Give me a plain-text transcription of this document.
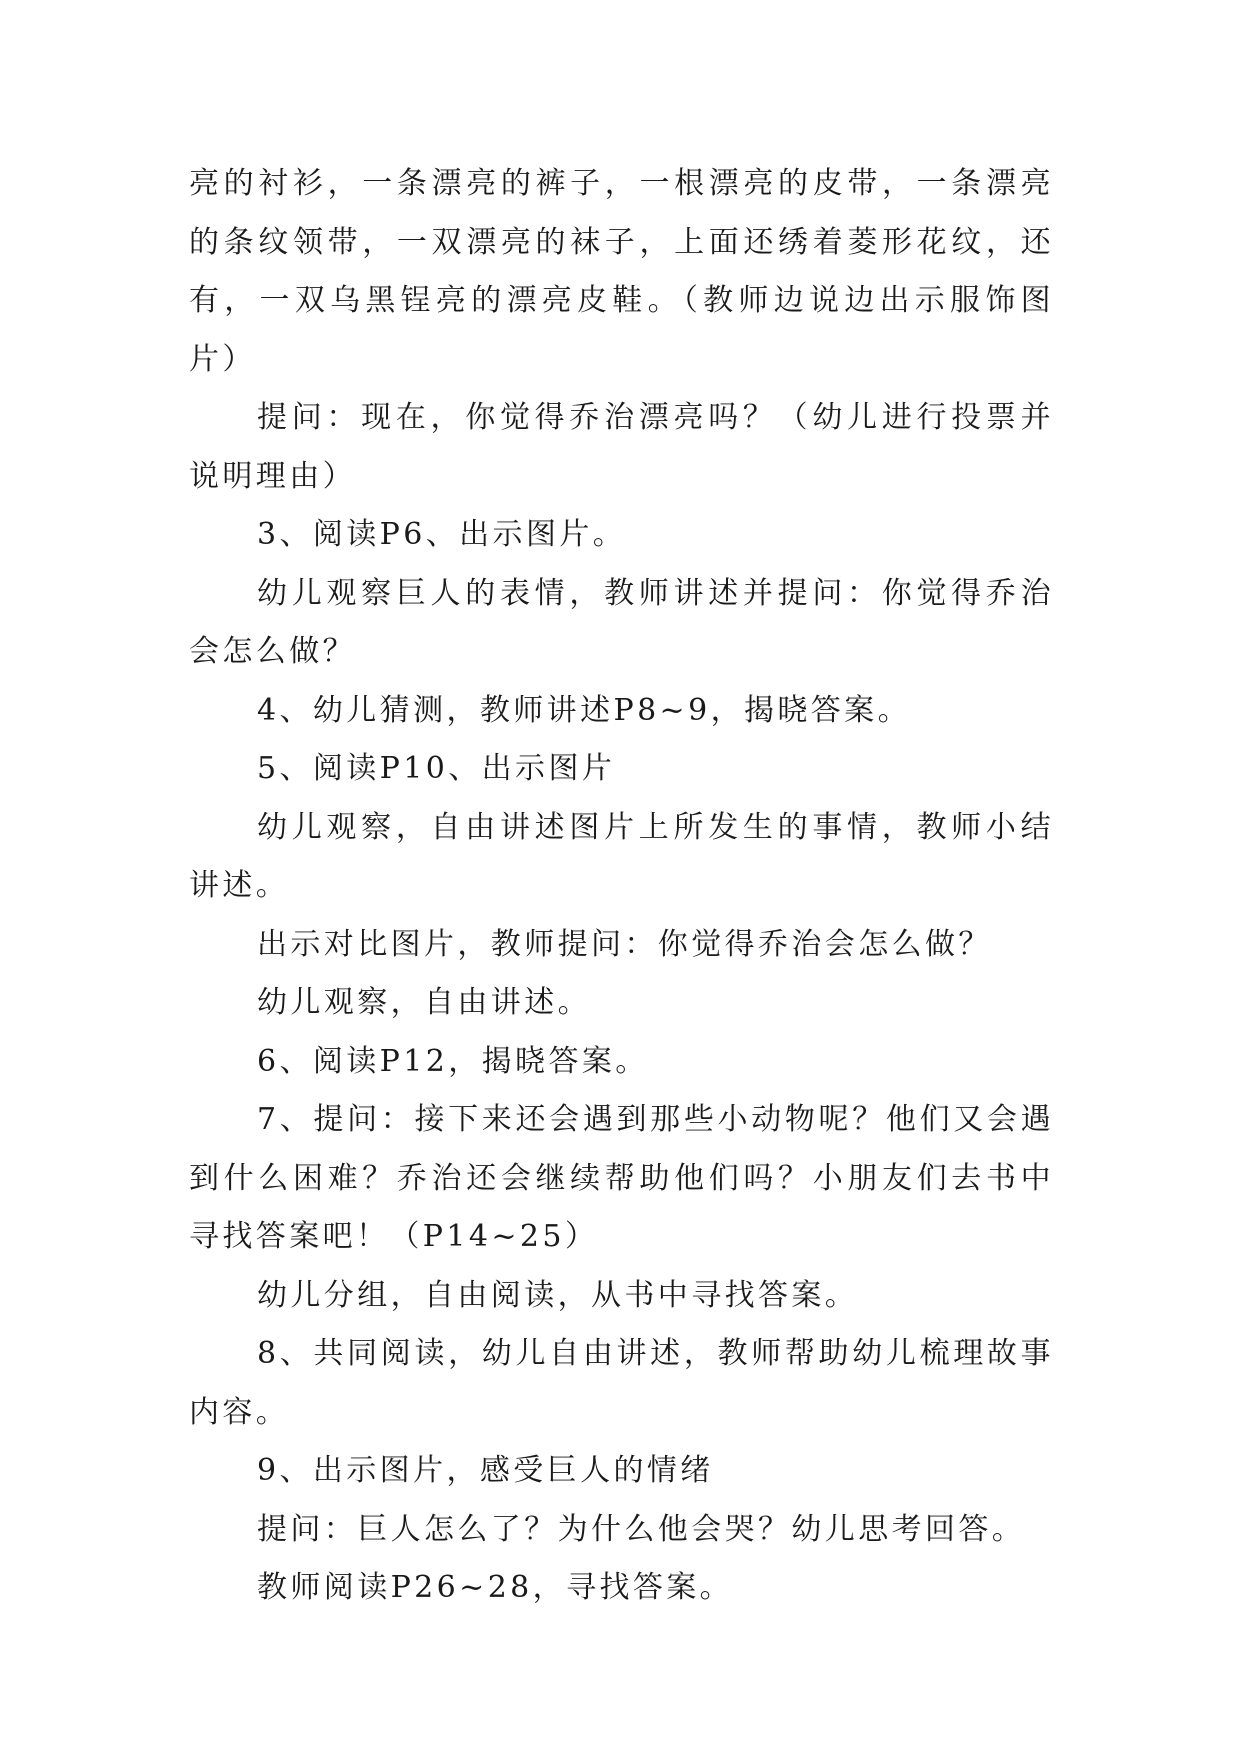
亮的衬衫，一条漂亮的裤子，一根漂亮的皮带，一条漂亮的条纹领带，一双漂亮的袜子，上面还绣着菱形花纹，还有，一双乌黑锃亮的漂亮皮鞋。（教师边说边出示服饰图片）

提问：现在，你觉得乔治漂亮吗？（幼儿进行投票并说明理由）

3、阅读P6、出示图片。

幼儿观察巨人的表情，教师讲述并提问：你觉得乔治会怎么做？

4、幼儿猜测，教师讲述P8~9，揭晓答案。

5、阅读P10、出示图片

幼儿观察，自由讲述图片上所发生的事情，教师小结讲述。

出示对比图片，教师提问：你觉得乔治会怎么做？

幼儿观察，自由讲述。

6、阅读P12，揭晓答案。

7、提问：接下来还会遇到那些小动物呢？他们又会遇到什么困难？乔治还会继续帮助他们吗？小朋友们去书中寻找答案吧！（P14~25）

幼儿分组，自由阅读，从书中寻找答案。

8、共同阅读，幼儿自由讲述，教师帮助幼儿梳理故事内容。

9、出示图片，感受巨人的情绪

提问：巨人怎么了？为什么他会哭？幼儿思考回答。

教师阅读P26~28，寻找答案。
